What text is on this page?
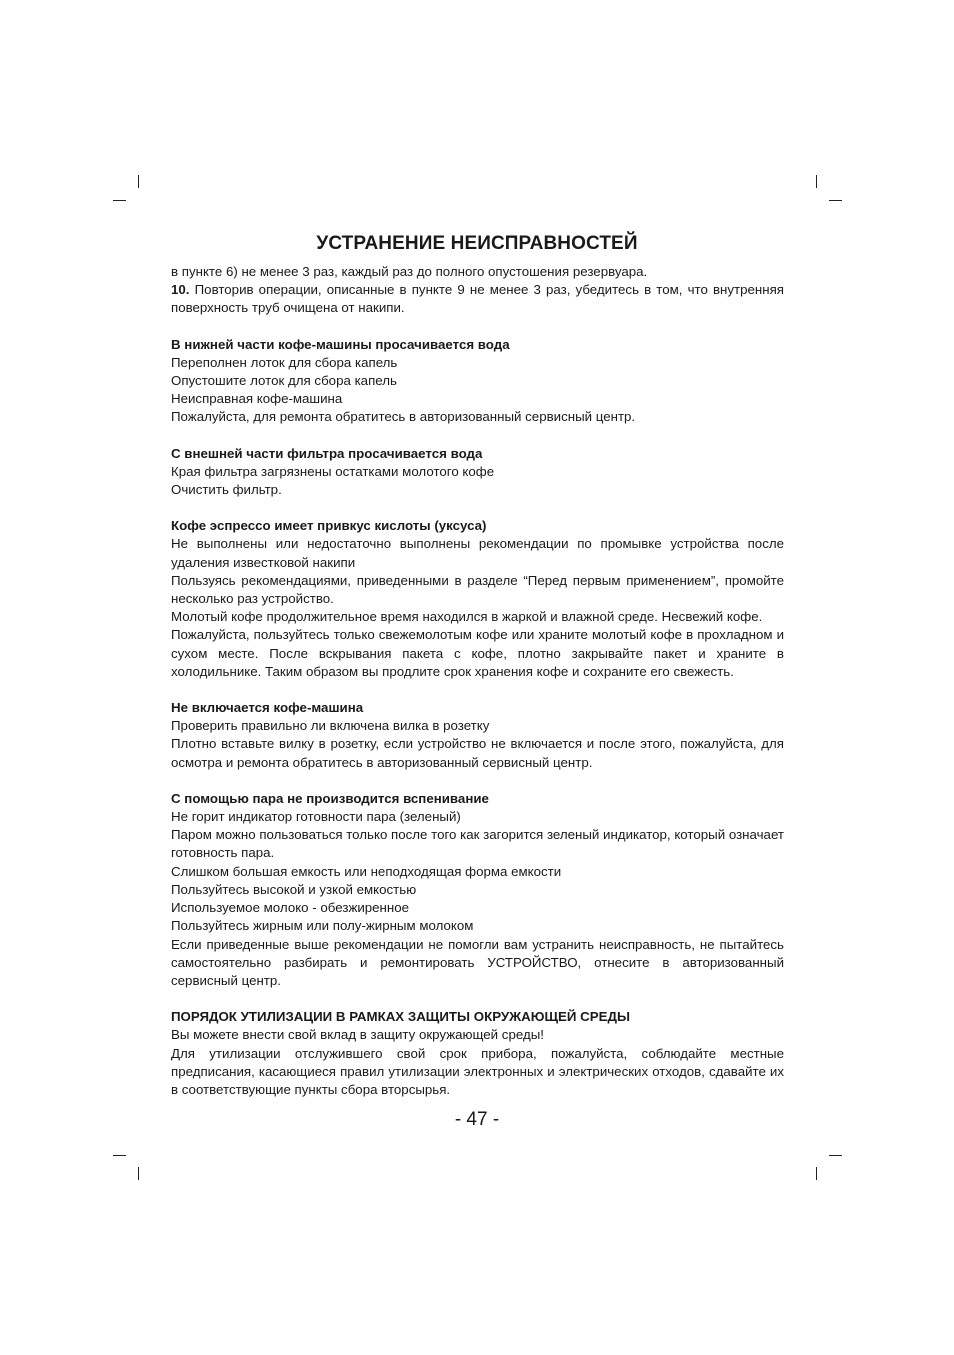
УСТРАНЕНИЕ НЕИСПРАВНОСТЕЙ

в пункте 6) не менее 3 раз, каждый раз до полного опустошения резервуара.

10. Повторив операции, описанные в пункте 9 не менее 3 раз, убедитесь в том, что внутренняя поверхность труб очищена от накипи.

В нижней части кофе-машины просачивается вода

Переполнен лоток для сбора капель

Опустошите лоток для сбора капель

Неисправная кофе-машина

Пожалуйста, для ремонта обратитесь в авторизованный сервисный центр.

С внешней части фильтра просачивается вода

Края фильтра загрязнены остатками молотого кофе

Очистить фильтр.

Кофе эспрессо имеет привкус кислоты (уксуса)

Не выполнены или недостаточно выполнены рекомендации по промывке устройства после удаления известковой накипи

Пользуясь рекомендациями, приведенными в разделе “Перед первым применением”, промойте несколько раз устройство.

Молотый кофе продолжительное время находился в жаркой и влажной среде. Несвежий кофе.

Пожалуйста, пользуйтесь только свежемолотым кофе или храните молотый кофе в прохладном и сухом месте. После вскрывания пакета с кофе, плотно закрывайте пакет и храните в холодильнике. Таким образом вы продлите срок хранения кофе и сохраните его свежесть.

Не включается кофе-машина

Проверить правильно ли включена вилка в розетку

Плотно вставьте вилку в розетку, если устройство не включается и после этого, пожалуйста, для осмотра и ремонта обратитесь в авторизованный сервисный центр.

С помощью пара не производится вспенивание

Не горит индикатор готовности пара (зеленый)

Паром можно пользоваться только после того как загорится зеленый индикатор, который означает готовность пара.

Слишком большая емкость или неподходящая форма емкости

Пользуйтесь высокой и узкой емкостью

Используемое молоко - обезжиренное

Пользуйтесь жирным или полу-жирным молоком

Если приведенные выше рекомендации не помогли вам устранить неисправность, не пытайтесь самостоятельно разбирать и ремонтировать УСТРОЙСТВО, отнесите в авторизованный сервисный центр.

ПОРЯДОК УТИЛИЗАЦИИ В РАМКАХ ЗАЩИТЫ ОКРУЖАЮЩЕЙ СРЕДЫ

Вы можете внести свой вклад в защиту окружающей среды!

Для утилизации отслужившего свой срок прибора, пожалуйста, соблюдайте местные предписания, касающиеся правил утилизации электронных и электрических отходов, сдавайте их в соответствующие пункты сбора вторсырья.

- 47 -
